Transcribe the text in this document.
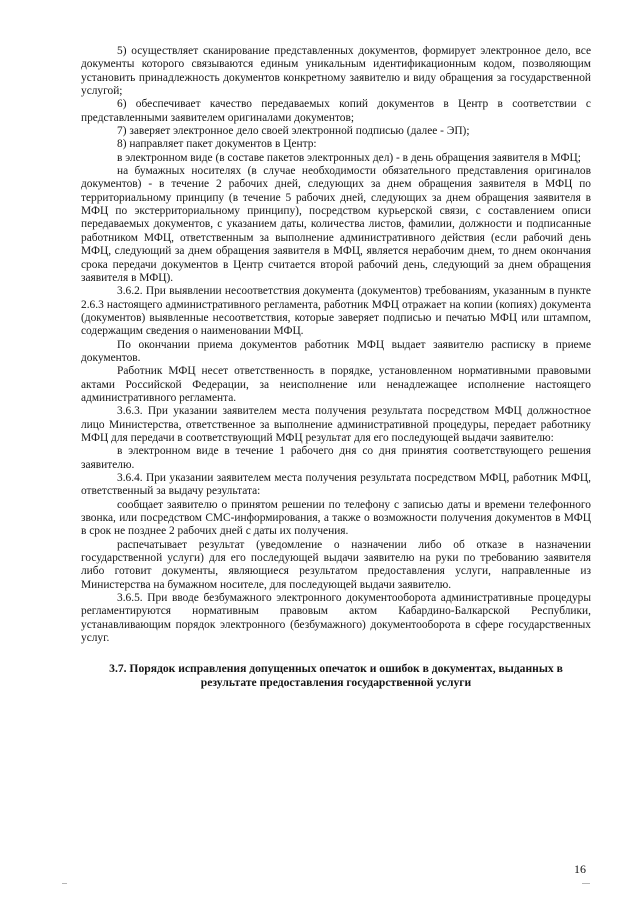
5) осуществляет сканирование представленных документов, формирует электронное дело, все документы которого связываются единым уникальным идентификационным кодом, позволяющим установить принадлежность документов конкретному заявителю и виду обращения за государственной услугой;

6) обеспечивает качество передаваемых копий документов в Центр в соответствии с представленными заявителем оригиналами документов;

7) заверяет электронное дело своей электронной подписью (далее - ЭП);

8) направляет пакет документов в Центр:

в электронном виде (в составе пакетов электронных дел) - в день обращения заявителя в МФЦ;

на бумажных носителях (в случае необходимости обязательного представления оригиналов документов) - в течение 2 рабочих дней, следующих за днем обращения заявителя в МФЦ по территориальному принципу (в течение 5 рабочих дней, следующих за днем обращения заявителя в МФЦ по экстерриториальному принципу), посредством курьерской связи, с составлением описи передаваемых документов, с указанием даты, количества листов, фамилии, должности и подписанные работником МФЦ, ответственным за выполнение административного действия (если рабочий день МФЦ, следующий за днем обращения заявителя в МФЦ, является нерабочим днем, то днем окончания срока передачи документов в Центр считается второй рабочий день, следующий за днем обращения заявителя в МФЦ).

3.6.2. При выявлении несоответствия документа (документов) требованиям, указанным в пункте 2.6.3 настоящего административного регламента, работник МФЦ отражает на копии (копиях) документа (документов) выявленные несоответствия, которые заверяет подписью и печатью МФЦ или штампом, содержащим сведения о наименовании МФЦ.

По окончании приема документов работник МФЦ выдает заявителю расписку в приеме документов.

Работник МФЦ несет ответственность в порядке, установленном нормативными правовыми актами Российской Федерации, за неисполнение или ненадлежащее исполнение настоящего административного регламента.

3.6.3. При указании заявителем места получения результата посредством МФЦ должностное лицо Министерства, ответственное за выполнение административной процедуры, передает работнику МФЦ для передачи в соответствующий МФЦ результат для его последующей выдачи заявителю:

в электронном виде в течение 1 рабочего дня со дня принятия соответствующего решения заявителю.

3.6.4. При указании заявителем места получения результата посредством МФЦ, работник МФЦ, ответственный за выдачу результата:

сообщает заявителю о принятом решении по телефону с записью даты и времени телефонного звонка, или посредством СМС-информирования, а также о возможности получения документов в МФЦ в срок не позднее 2 рабочих дней с даты их получения.

распечатывает результат (уведомление о назначении либо об отказе в назначении государственной услуги) для его последующей выдачи заявителю на руки по требованию заявителя либо готовит документы, являющиеся результатом предоставления услуги, направленные из Министерства на бумажном носителе, для последующей выдачи заявителю.

3.6.5. При вводе безбумажного электронного документооборота административные процедуры регламентируются нормативным правовым актом Кабардино-Балкарской Республики, устанавливающим порядок электронного (безбумажного) документооборота в сфере государственных услуг.

3.7. Порядок исправления допущенных опечаток и ошибок в документах, выданных в результате предоставления государственной услуги
16
